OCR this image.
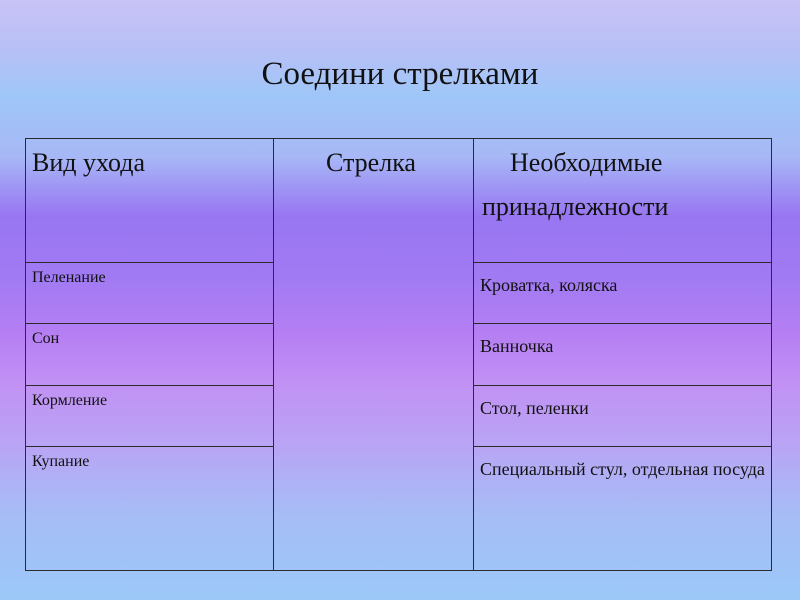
Соедини стрелками
Вид ухода	Стрелка	Необходимые
принадлежности

Пеленание		Кроватка, коляска
Сон		Ванночка
Кормление		Стол, пеленки
Купание		Специальный стул, отдельная посуда
